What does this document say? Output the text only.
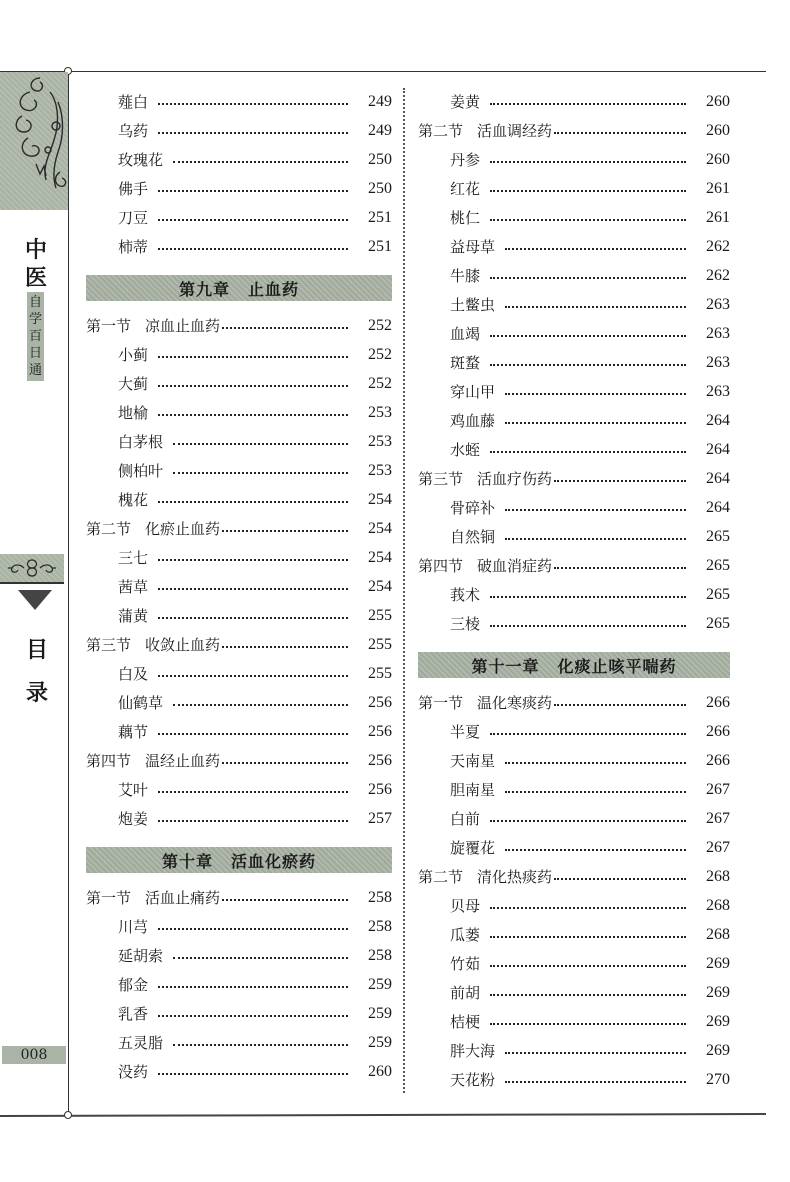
中
医
自
学
百
日
通
目
录
008
薤白	249
乌药	249
玫瑰花	250
佛手	250
刀豆	251
柿蒂	251
第九章 止血药
第一节 凉血止血药	252
小蓟	252
大蓟	252
地榆	253
白茅根	253
侧柏叶	253
槐花	254
第二节 化瘀止血药	254
三七	254
茜草	254
蒲黄	255
第三节 收敛止血药	255
白及	255
仙鹤草	256
藕节	256
第四节 温经止血药	256
艾叶	256
炮姜	257
第十章 活血化瘀药
第一节 活血止痛药	258
川芎	258
延胡索	258
郁金	259
乳香	259
五灵脂	259
没药	260
姜黄	260
第二节 活血调经药	260
丹参	260
红花	261
桃仁	261
益母草	262
牛膝	262
土鳖虫	263
血竭	263
斑蝥	263
穿山甲	263
鸡血藤	264
水蛭	264
第三节 活血疗伤药	264
骨碎补	264
自然铜	265
第四节 破血消症药	265
莪术	265
三棱	265
第十一章 化痰止咳平喘药
第一节 温化寒痰药	266
半夏	266
天南星	266
胆南星	267
白前	267
旋覆花	267
第二节 清化热痰药	268
贝母	268
瓜蒌	268
竹茹	269
前胡	269
桔梗	269
胖大海	269
天花粉	270
